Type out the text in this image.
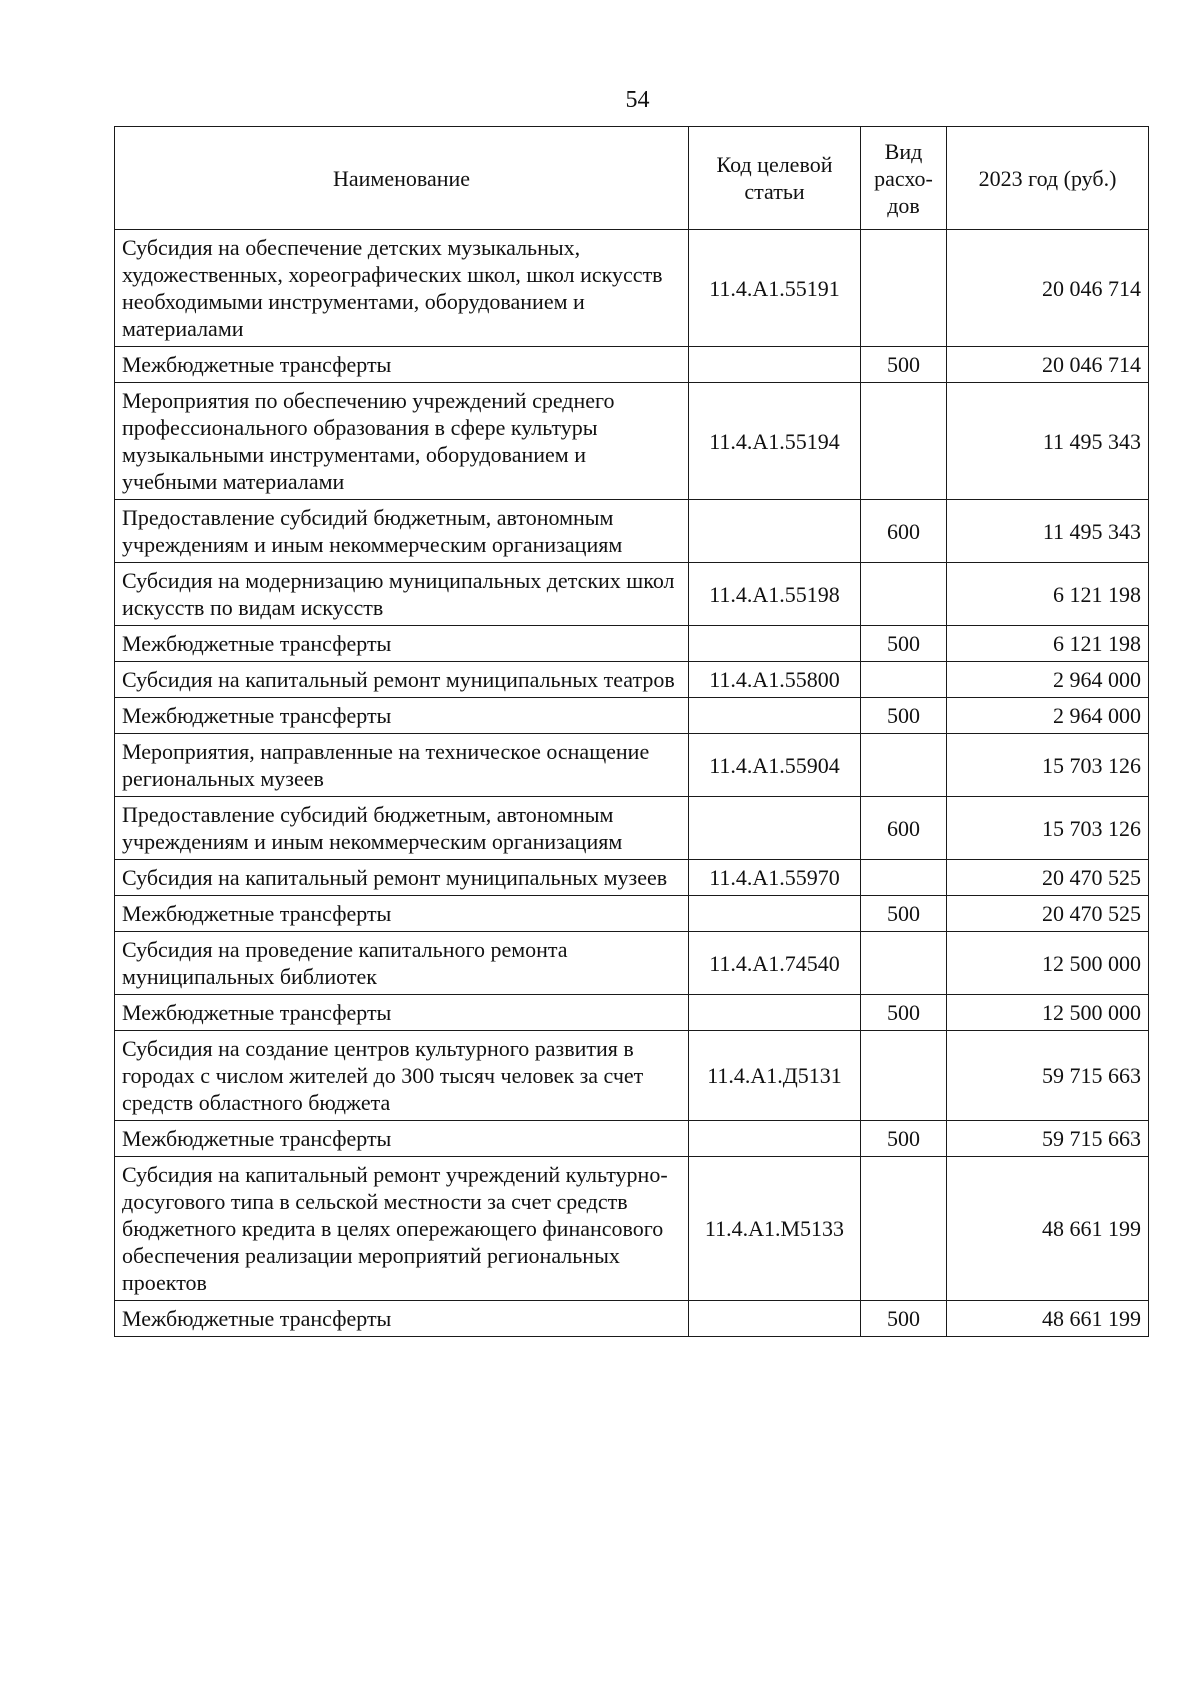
54
Наименование	Код целевой статьи	Вид расхо-дов	2023 год (руб.)
Субсидия на обеспечение детских музыкальных, художественных, хореографических школ, школ искусств необходимыми инструментами, оборудованием и материалами	11.4.А1.55191		20 046 714
Межбюджетные трансферты		500	20 046 714
Мероприятия по обеспечению учреждений среднего профессионального образования в сфере культуры музыкальными инструментами, оборудованием и учебными материалами	11.4.А1.55194		11 495 343
Предоставление субсидий бюджетным, автономным учреждениям и иным некоммерческим организациям		600	11 495 343
Субсидия на модернизацию муниципальных детских школ искусств по видам искусств	11.4.А1.55198		6 121 198
Межбюджетные трансферты		500	6 121 198
Субсидия на капитальный ремонт муниципальных театров	11.4.А1.55800		2 964 000
Межбюджетные трансферты		500	2 964 000
Мероприятия, направленные на техническое оснащение региональных музеев	11.4.А1.55904		15 703 126
Предоставление субсидий бюджетным, автономным учреждениям и иным некоммерческим организациям		600	15 703 126
Субсидия на капитальный ремонт муниципальных музеев	11.4.А1.55970		20 470 525
Межбюджетные трансферты		500	20 470 525
Субсидия на проведение капитального ремонта муниципальных библиотек	11.4.А1.74540		12 500 000
Межбюджетные трансферты		500	12 500 000
Субсидия на создание центров культурного развития в городах с числом жителей до 300 тысяч человек за счет средств областного бюджета	11.4.А1.Д5131		59 715 663
Межбюджетные трансферты		500	59 715 663
Субсидия на капитальный ремонт учреждений культурно-досугового типа в сельской местности за счет средств бюджетного кредита в целях опережающего финансового обеспечения реализации мероприятий региональных проектов	11.4.А1.М5133		48 661 199
Межбюджетные трансферты		500	48 661 199
